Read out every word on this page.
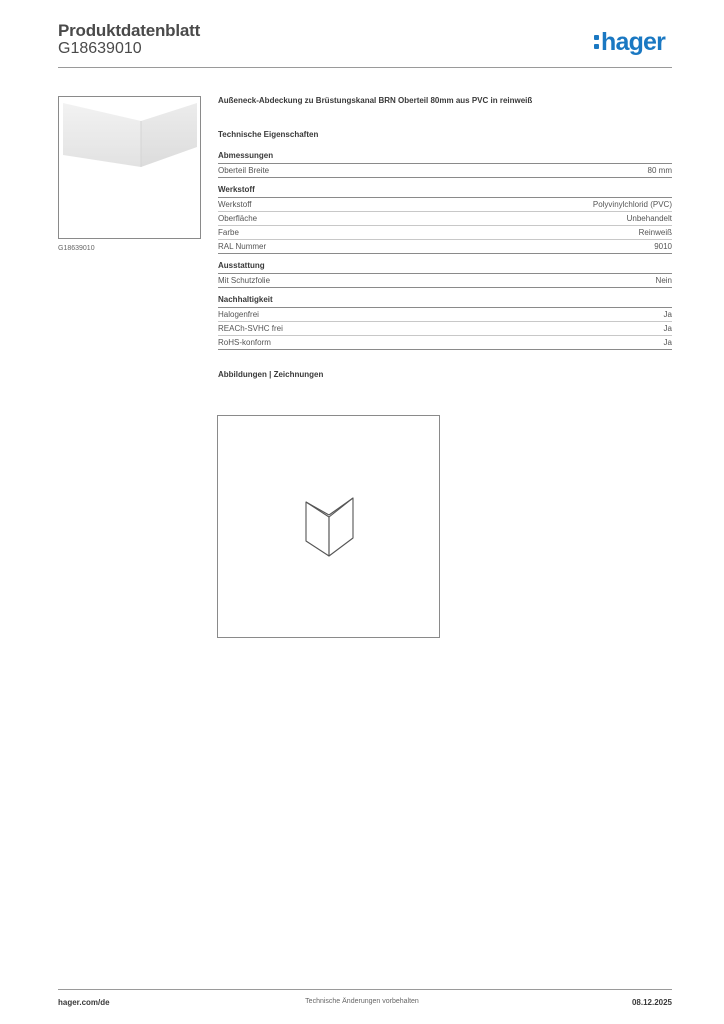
Produktdatenblatt
G18639010	hager
G18639010
Außeneck-Abdeckung zu Brüstungskanal BRN Oberteil 80mm aus PVC in reinweiß
Technische Eigenschaften
Abmessungen
Oberteil Breite	80 mm
Werkstoff
Werkstoff	Polyvinylchlorid (PVC)
Oberfläche	Unbehandelt
Farbe	Reinweiß
RAL Nummer	9010
Ausstattung
Mit Schutzfolie	Nein
Nachhaltigkeit
Halogenfrei	Ja
REACh-SVHC frei	Ja
RoHS-konform	Ja
Abbildungen | Zeichnungen
hager.com/de	Technische Änderungen vorbehalten	08.12.2025
